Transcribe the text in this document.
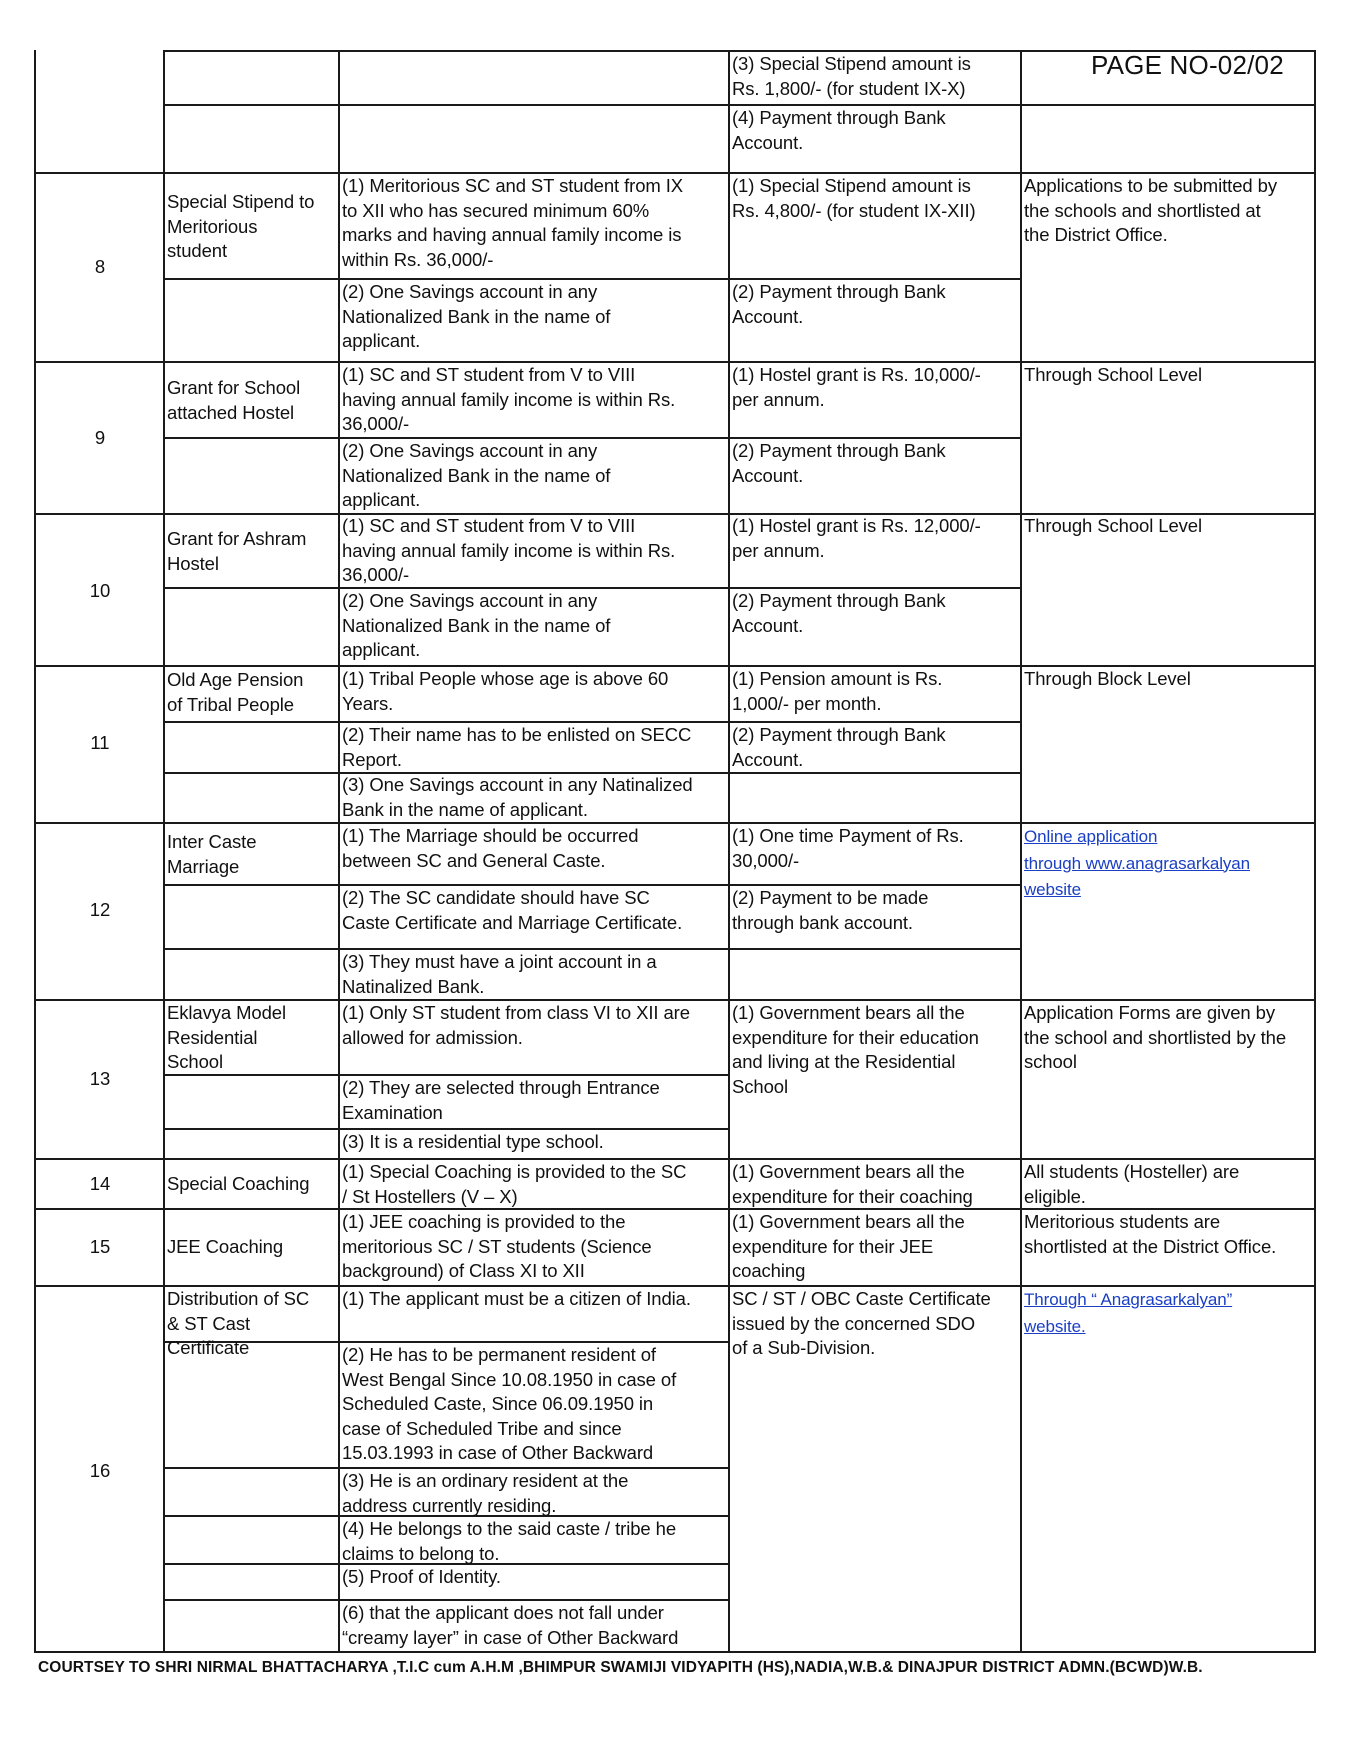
PAGE NO-02/02
(3) Special Stipend amount is
Rs. 1,800/- (for student IX-X)
(4) Payment through Bank
Account.
8
Special Stipend to
Meritorious
student
(1) Meritorious SC and ST student from IX
to XII who has secured minimum 60%
marks and having annual family income is
within Rs. 36,000/-
(2) One Savings account in any
Nationalized Bank in the name of
applicant.
(1) Special Stipend amount is
Rs. 4,800/- (for student IX-XII)
(2) Payment through Bank
Account.
Applications to be submitted by
the schools and shortlisted at
the District Office.
9
Grant for School
attached Hostel
(1) SC and ST student from V to VIII
having annual family income is within Rs.
36,000/-
(2) One Savings account in any
Nationalized Bank in the name of
applicant.
(1) Hostel grant is Rs. 10,000/-
per annum.
(2) Payment through Bank
Account.
Through School Level
10
Grant for Ashram
Hostel
(1) SC and ST student from V to VIII
having annual family income is within Rs.
36,000/-
(2) One Savings account in any
Nationalized Bank in the name of
applicant.
(1) Hostel grant is Rs. 12,000/-
per annum.
(2) Payment through Bank
Account.
Through School Level
11
Old Age Pension
of Tribal People
(1) Tribal People whose age is above 60
Years.
(2) Their name has to be enlisted on SECC
Report.
(3) One Savings account in any Natinalized
Bank in the name of applicant.
(1) Pension amount is Rs.
1,000/- per month.
(2) Payment through Bank
Account.
Through Block Level
12
Inter Caste
Marriage
(1) The Marriage should be occurred
between SC and General Caste.
(2) The SC candidate should have SC
Caste Certificate and Marriage Certificate.
(3) They must have a joint account in a
Natinalized Bank.
(1) One time Payment of Rs.
30,000/-
(2) Payment to be made
through bank account.
Online application
through www.anagrasarkalyan
website
13
Eklavya Model
Residential
School
(1) Only ST student from class VI to XII are
allowed for admission.
(2) They are selected through Entrance
Examination
(3) It is a residential type school.
(1) Government bears all the
expenditure for their education
and living at the Residential
School
Application Forms are given by
the school and shortlisted by the
school
14	Special Coaching
(1) Special Coaching is provided to the SC
/ St Hostellers (V – X)
(1) Government bears all the
expenditure for their coaching
All students (Hosteller) are
eligible.
15	JEE Coaching
(1) JEE coaching is provided to the
meritorious SC / ST students (Science
background) of Class XI to XII
(1) Government bears all the
expenditure for their JEE
coaching
Meritorious students are
shortlisted at the District Office.
16
Distribution of SC
& ST Cast
Certificate
(1) The applicant must be a citizen of India.
(2) He has to be permanent resident of
West Bengal Since 10.08.1950 in case of
Scheduled Caste, Since 06.09.1950 in
case of Scheduled Tribe and since
15.03.1993 in case of Other Backward
(3) He is an ordinary resident at the
address currently residing.
(4) He belongs to the said caste / tribe he
claims to belong to.
(5) Proof of Identity.
(6) that the applicant does not fall under
“creamy layer” in case of Other Backward
SC / ST / OBC Caste Certificate
issued by the concerned SDO
of a Sub-Division.
Through “ Anagrasarkalyan”
website.
COURTSEY TO SHRI NIRMAL BHATTACHARYA ,T.I.C cum A.H.M ,BHIMPUR SWAMIJI VIDYAPITH (HS),NADIA,W.B.& DINAJPUR DISTRICT ADMN.(BCWD)W.B.
